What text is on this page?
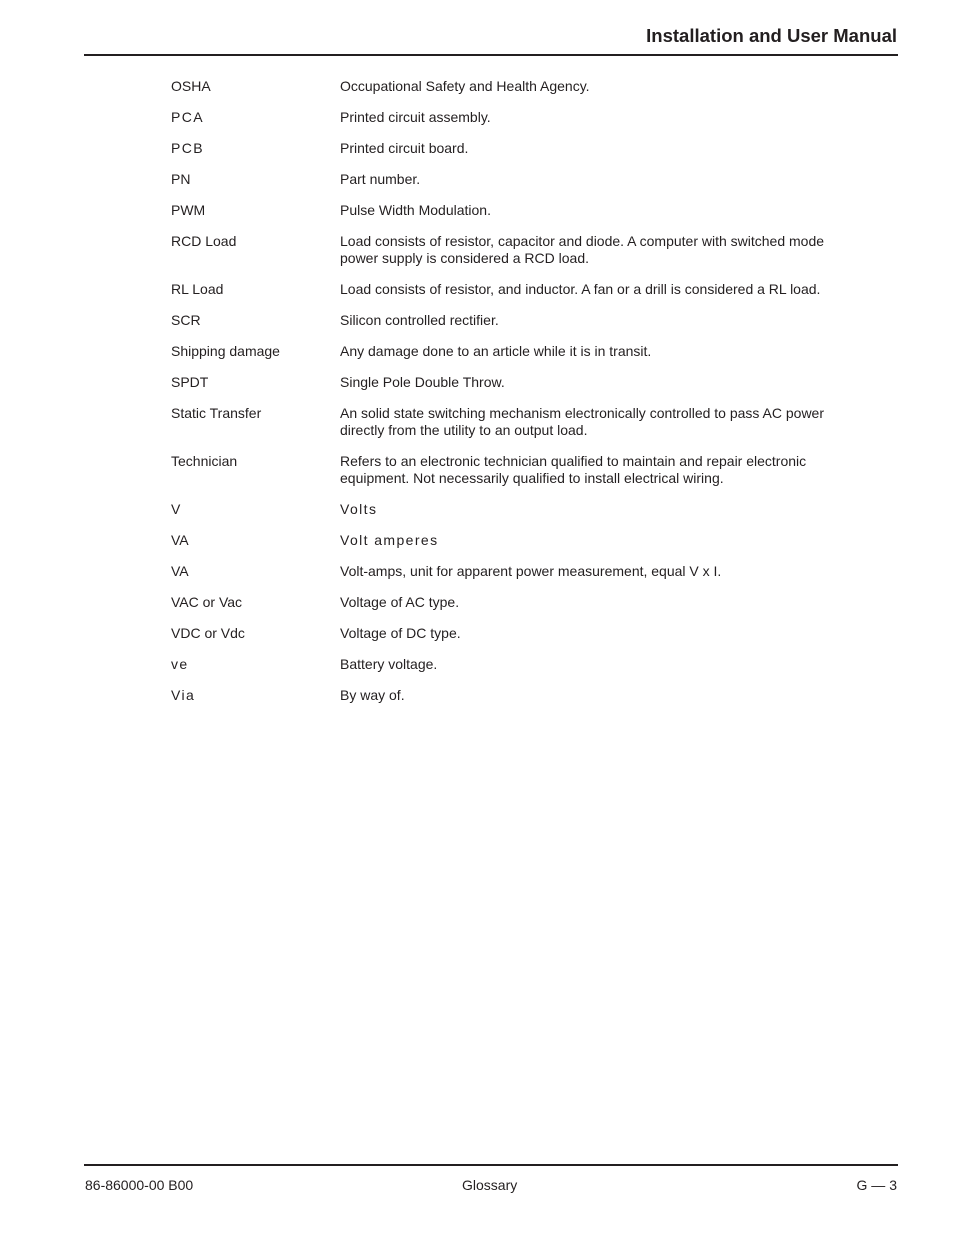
Installation and User Manual
OSHA	Occupational Safety and Health Agency.
PCA	Printed circuit assembly.
PCB	Printed circuit board.
PN	Part number.
PWM	Pulse Width Modulation.
RCD Load	Load consists of resistor, capacitor and diode. A computer with switched mode power supply is considered a RCD load.
RL Load	Load consists of resistor, and inductor. A fan or a drill is considered a RL load.
SCR	Silicon controlled rectifier.
Shipping damage	Any damage done to an article while it is in transit.
SPDT	Single Pole Double Throw.
Static Transfer	An solid state switching mechanism electronically controlled to pass AC power directly from the utility to an output load.
Technician	Refers to an electronic technician qualified to maintain and repair electronic equipment. Not necessarily qualified to install electrical wiring.
V	Volts
VA	Volt amperes
VA	Volt-amps, unit for apparent power measurement, equal V x I.
VAC or Vac	Voltage of AC type.
VDC or Vdc	Voltage of DC type.
ve	Battery voltage.
Via	By way of.
86-86000-00 B00	Glossary	G — 3
